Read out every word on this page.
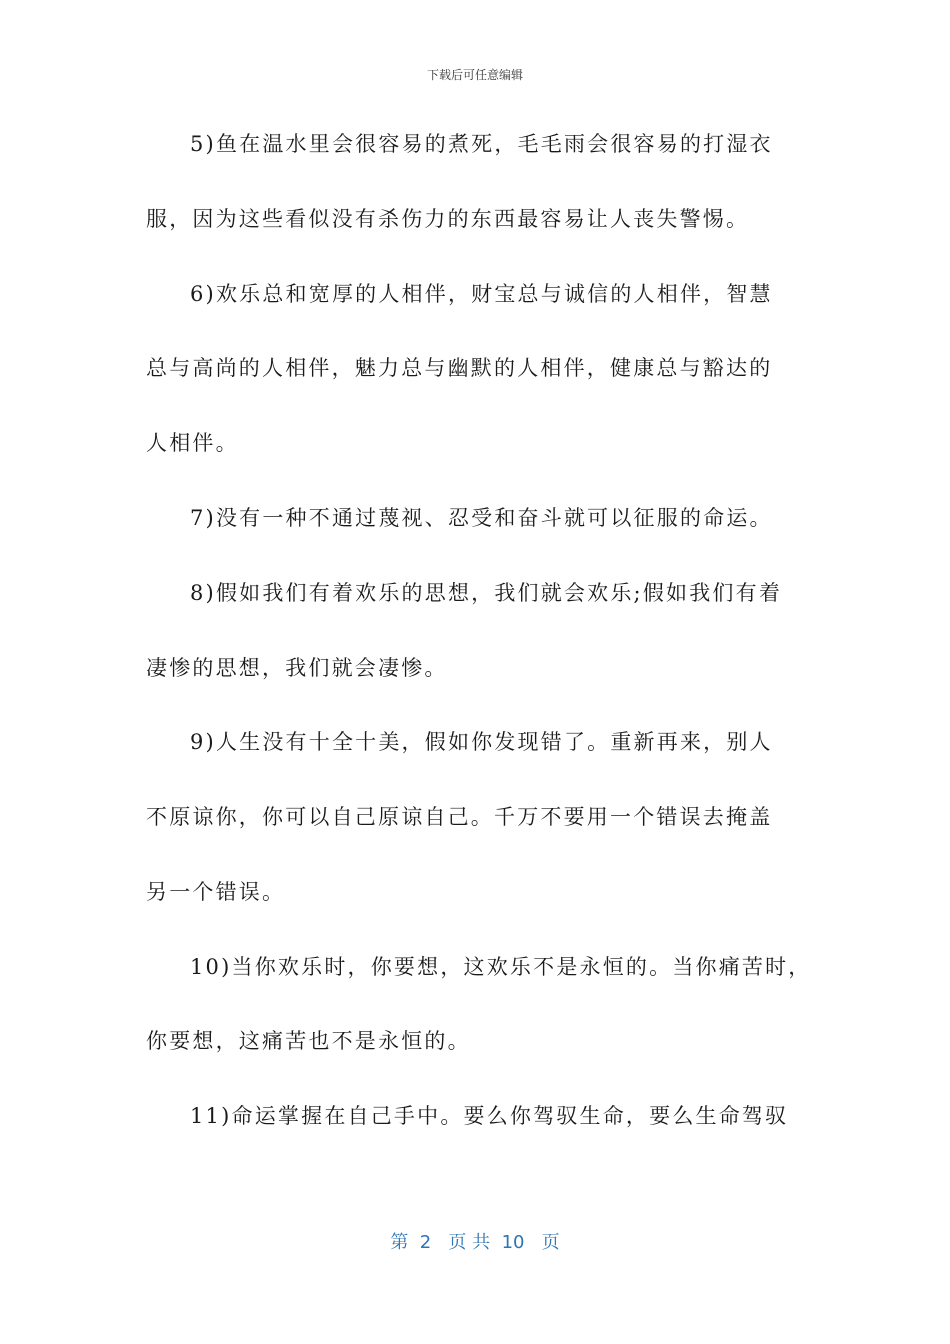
下载后可任意编辑
5)鱼在温水里会很容易的煮死，毛毛雨会很容易的打湿衣
服，因为这些看似没有杀伤力的东西最容易让人丧失警惕。
6)欢乐总和宽厚的人相伴，财宝总与诚信的人相伴，智慧
总与高尚的人相伴，魅力总与幽默的人相伴，健康总与豁达的
人相伴。
7)没有一种不通过蔑视、忍受和奋斗就可以征服的命运。
8)假如我们有着欢乐的思想，我们就会欢乐;假如我们有着
凄惨的思想，我们就会凄惨。
9)人生没有十全十美，假如你发现错了。重新再来，别人
不原谅你，你可以自己原谅自己。千万不要用一个错误去掩盖
另一个错误。
10)当你欢乐时，你要想，这欢乐不是永恒的。当你痛苦时，
你要想，这痛苦也不是永恒的。
11)命运掌握在自己手中。要么你驾驭生命，要么生命驾驭
第  2   页 共  10   页
